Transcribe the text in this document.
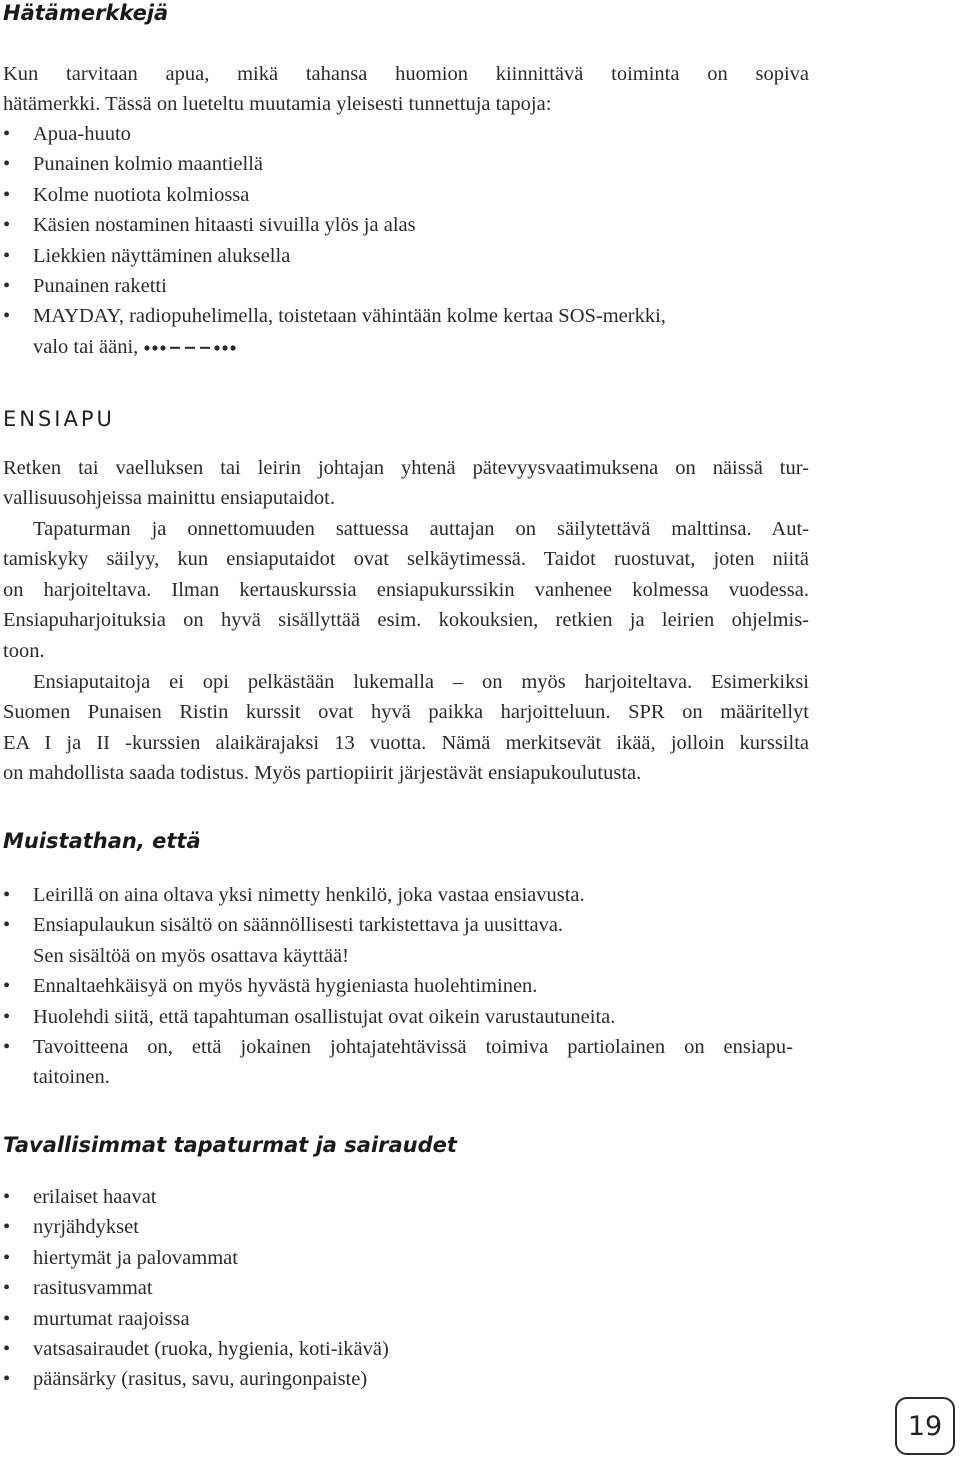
Hätämerkkejä

Kun tarvitaan apua, mikä tahansa huomion kiinnittävä toiminta on sopiva
hätämerkki. Tässä on lueteltu muutamia yleisesti tunnettuja tapoja:

• Apua-huuto
• Punainen kolmio maantiellä
• Kolme nuotiota kolmiossa
• Käsien nostaminen hitaasti sivuilla ylös ja alas
• Liekkien näyttäminen aluksella
• Punainen raketti
• MAYDAY, radiopuhelimella, toistetaan vähintään kolme kertaa SOS-merkki,
valo tai ääni,
ENSIAPU

Retken tai vaelluksen tai leirin johtajan yhtenä pätevyysvaatimuksena on näissä tur-
vallisuusohjeissa mainittu ensiaputaidot.

Tapaturman ja onnettomuuden sattuessa auttajan on säilytettävä malttinsa. Aut-
tamiskyky säilyy, kun ensiaputaidot ovat selkäytimessä. Taidot ruostuvat, joten niitä
on harjoiteltava. Ilman kertauskurssia ensiapukurssikin vanhenee kolmessa vuodessa.
Ensiapuharjoituksia on hyvä sisällyttää esim. kokouksien, retkien ja leirien ohjelmis-
toon.

Ensiaputaitoja ei opi pelkästään lukemalla – on myös harjoiteltava. Esimerkiksi
Suomen Punaisen Ristin kurssit ovat hyvä paikka harjoitteluun. SPR on määritellyt
EA I ja II -kurssien alaikärajaksi 13 vuotta. Nämä merkitsevät ikää, jolloin kurssilta
on mahdollista saada todistus. Myös partiopiirit järjestävät ensiapukoulutusta.

Muistathan, että
• Leirillä on aina oltava yksi nimetty henkilö, joka vastaa ensiavusta.
• Ensiapulaukun sisältö on säännöllisesti tarkistettava ja uusittava.
Sen sisältöä on myös osattava käyttää!
• Ennaltaehkäisyä on myös hyvästä hygieniasta huolehtiminen.
• Huolehdi siitä, että tapahtuman osallistujat ovat oikein varustautuneita.
• Tavoitteena on, että jokainen johtajatehtävissä toimiva partiolainen on ensiapu-
taitoinen.
Tavallisimmat tapaturmat ja sairaudet
• erilaiset haavat
• nyrjähdykset
• hiertymät ja palovammat
• rasitusvammat
• murtumat raajoissa
• vatsasairaudet (ruoka, hygienia, koti-ikävä)
• päänsärky (rasitus, savu, auringonpaiste)
19
